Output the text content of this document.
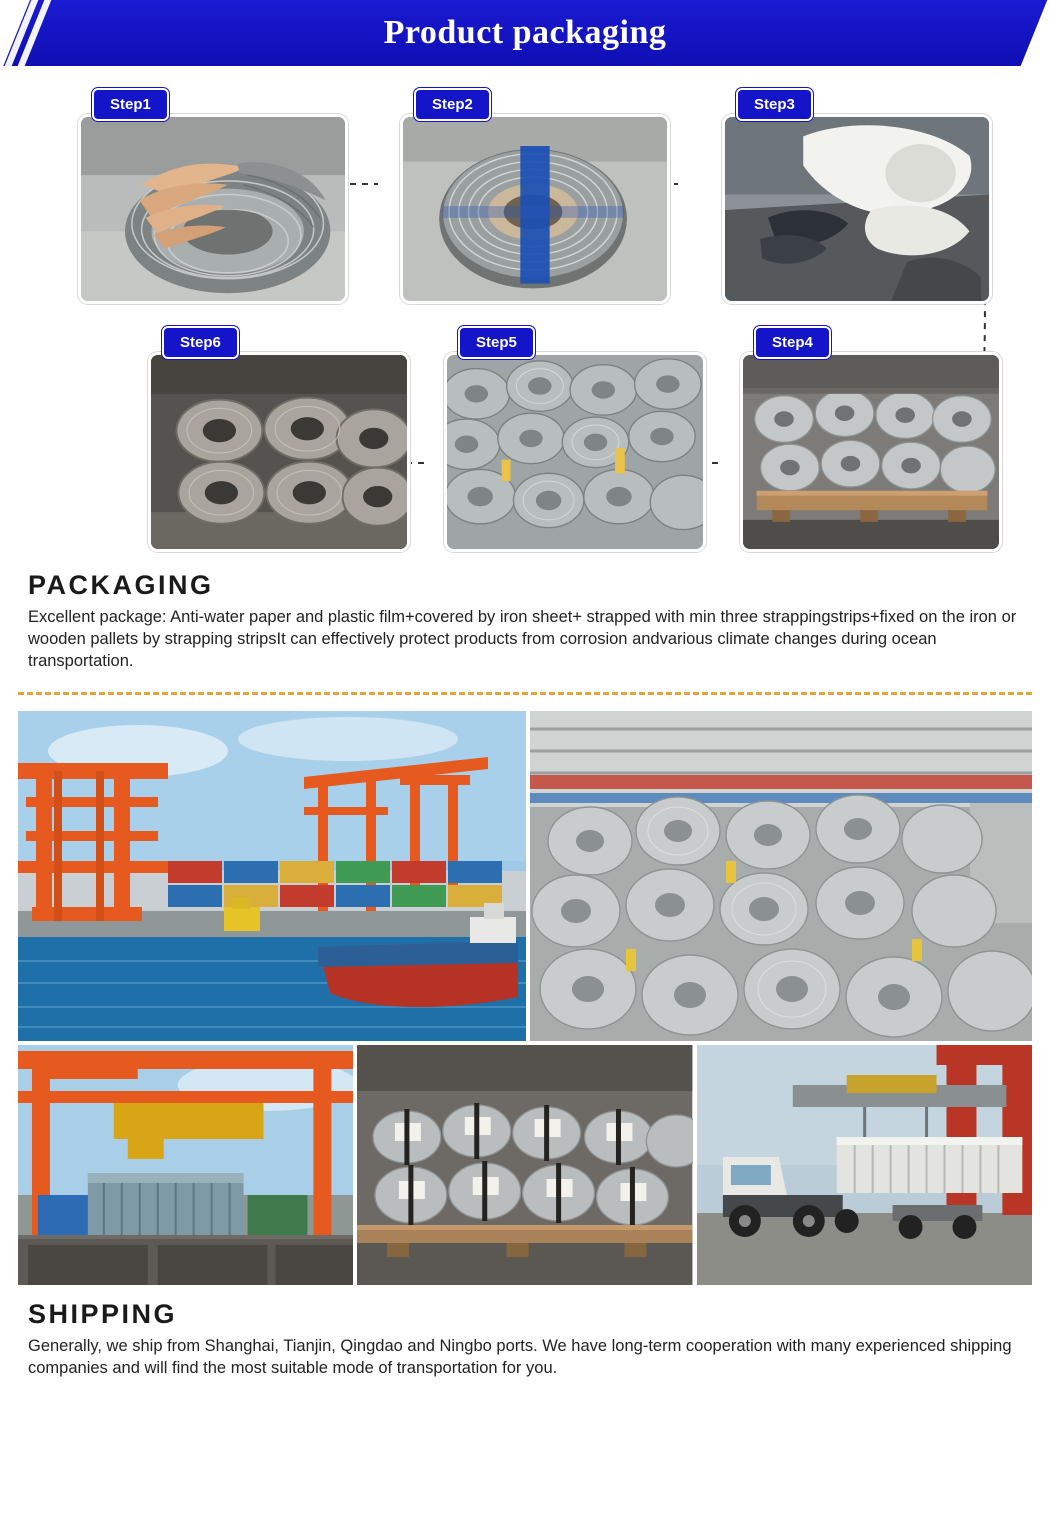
Product packaging
Step1	Step2	Step3
Step6	Step5	Step4
PACKAGING

Excellent package: Anti-water paper and plastic film+covered by iron sheet+ strapped with min three strappingstrips+fixed on the iron or wooden pallets by strapping stripsIt can effectively protect products from corrosion andvarious climate changes during ocean transportation.

SHIPPING

Generally, we ship from Shanghai, Tianjin, Qingdao and Ningbo ports. We have long-term cooperation with many experienced shipping companies and will find the most suitable mode of transportation for you.
